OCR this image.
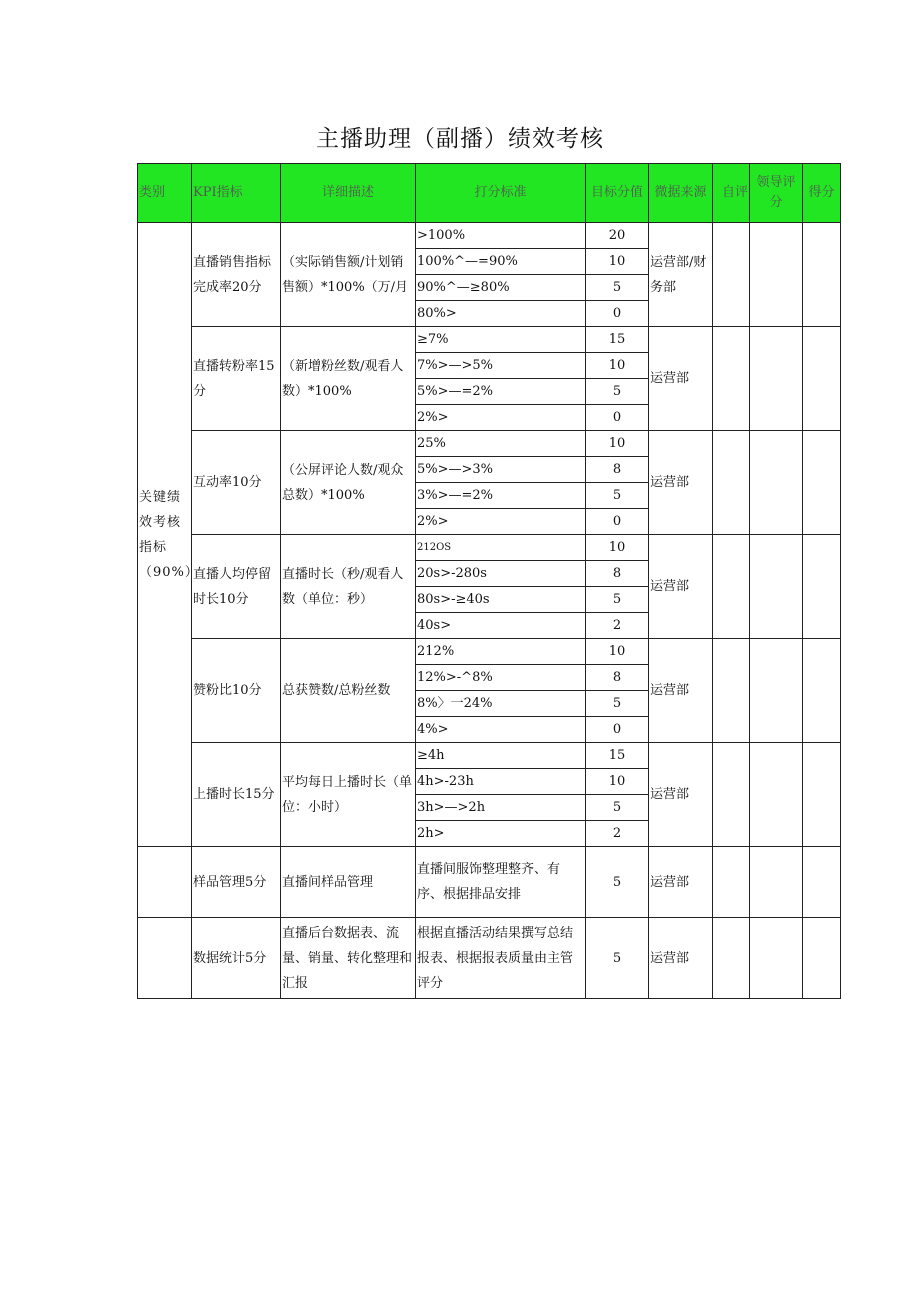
主播助理（副播）绩效考核
类别	KPI指标	详细描述	打分标准	目标分值	微据来源	自评	领导评分	得分
关键绩效考核指标（90%）	直播销售指标完成率20分	（实际销售额/计划销售额）*100%（万/月	>100%	20	运营部/财务部			
			100%^—=90%	10				
			90%^—≥80%	5				
			80%>	0				
	直播转粉率15分	（新增粉丝数/观看人数）*100%	≥7%	15	运营部			
			7%>—>5%	10				
			5%>—=2%	5				
			2%>	0				
	互动率10分	（公屏评论人数/观众总数）*100%	25%	10	运营部			
			5%>—>3%	8				
			3%>—=2%	5				
			2%>	0				
	直播人均停留时长10分	直播时长（秒/观看人数（单位：秒）	212OS	10	运营部			
			20s>-280s	8				
			80s>-≥40s	5				
			40s>	2				
	赞粉比10分	总获赞数/总粉丝数	212%	10	运营部			
			12%>-^8%	8				
			8%〉一24%	5				
			4%>	0				
	上播时长15分	平均每日上播时长（单位：小时）	≥4h	15	运营部			
			4h>-23h	10				
			3h>—>2h	5				
			2h>	2				
	样品管理5分	直播间样品管理	直播间服饰整理整齐、有序、根据排品安排	5	运营部			
	数据统计5分	直播后台数据表、流量、销量、转化整理和汇报	根据直播活动结果撰写总结报表、根据报表质量由主管评分	5	运营部			
